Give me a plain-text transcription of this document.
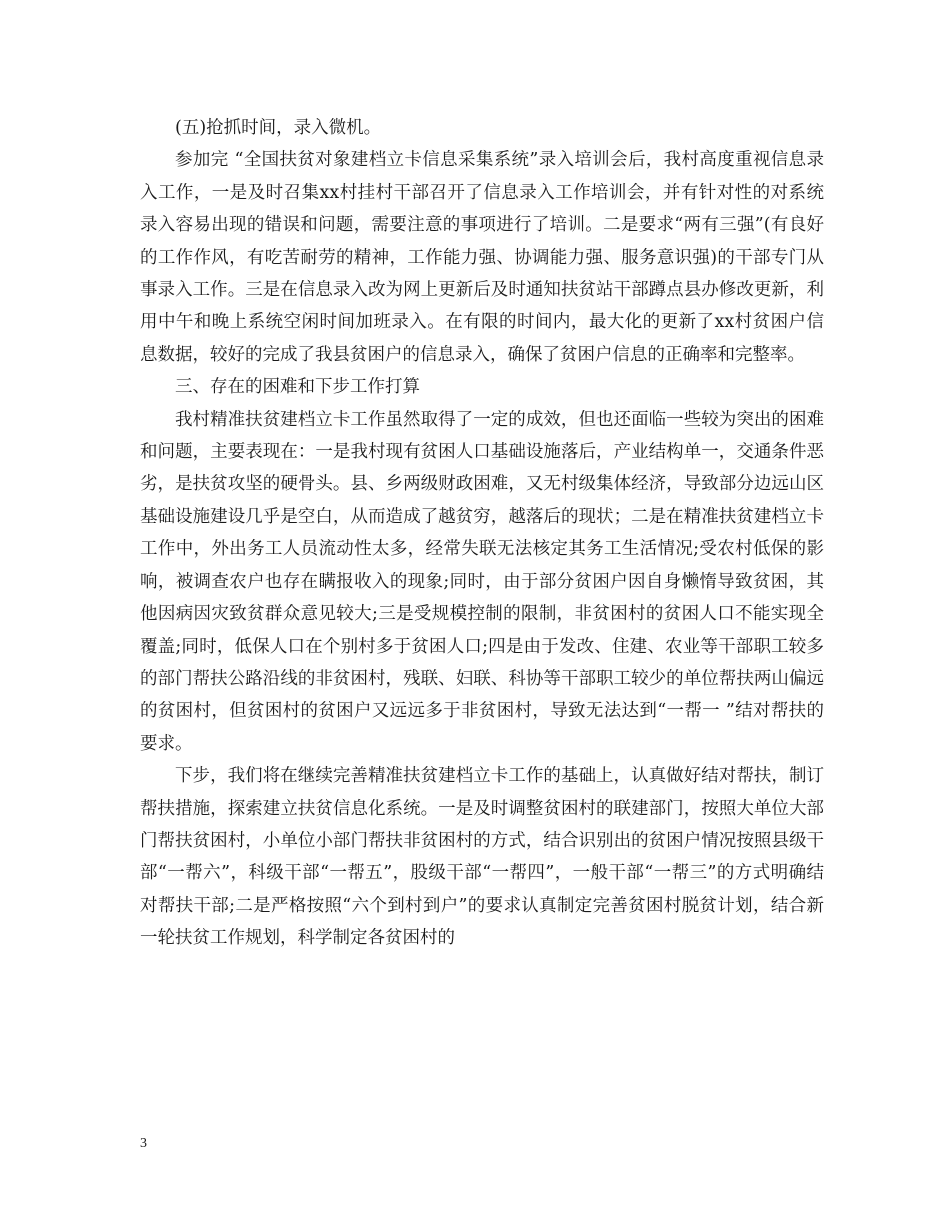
(五)抢抓时间，录入微机。

参加完 “全国扶贫对象建档立卡信息采集系统”录入培训会后，我村高度重视信息录入工作，一是及时召集xx村挂村干部召开了信息录入工作培训会，并有针对性的对系统录入容易出现的错误和问题，需要注意的事项进行了培训。二是要求“两有三强”(有良好的工作作风，有吃苦耐劳的精神，工作能力强、协调能力强、服务意识强)的干部专门从事录入工作。三是在信息录入改为网上更新后及时通知扶贫站干部蹲点县办修改更新，利用中午和晚上系统空闲时间加班录入。在有限的时间内，最大化的更新了xx村贫困户信息数据，较好的完成了我县贫困户的信息录入，确保了贫困户信息的正确率和完整率。

三、存在的困难和下步工作打算

我村精准扶贫建档立卡工作虽然取得了一定的成效，但也还面临一些较为突出的困难和问题，主要表现在：一是我村现有贫困人口基础设施落后，产业结构单一，交通条件恶劣，是扶贫攻坚的硬骨头。县、乡两级财政困难，又无村级集体经济，导致部分边远山区基础设施建设几乎是空白，从而造成了越贫穷，越落后的现状；二是在精准扶贫建档立卡工作中，外出务工人员流动性太多，经常失联无法核定其务工生活情况;受农村低保的影响，被调查农户也存在瞒报收入的现象;同时，由于部分贫困户因自身懒惰导致贫困，其他因病因灾致贫群众意见较大;三是受规模控制的限制，非贫困村的贫困人口不能实现全覆盖;同时，低保人口在个别村多于贫困人口;四是由于发改、住建、农业等干部职工较多的部门帮扶公路沿线的非贫困村，残联、妇联、科协等干部职工较少的单位帮扶两山偏远的贫困村，但贫困村的贫困户又远远多于非贫困村，导致无法达到“一帮一 ”结对帮扶的要求。

下步，我们将在继续完善精准扶贫建档立卡工作的基础上，认真做好结对帮扶，制订帮扶措施，探索建立扶贫信息化系统。一是及时调整贫困村的联建部门，按照大单位大部门帮扶贫困村，小单位小部门帮扶非贫困村的方式，结合识别出的贫困户情况按照县级干部“一帮六”，科级干部“一帮五”，股级干部“一帮四”，一般干部“一帮三”的方式明确结对帮扶干部;二是严格按照“六个到村到户”的要求认真制定完善贫困村脱贫计划，结合新一轮扶贫工作规划，科学制定各贫困村的

3
